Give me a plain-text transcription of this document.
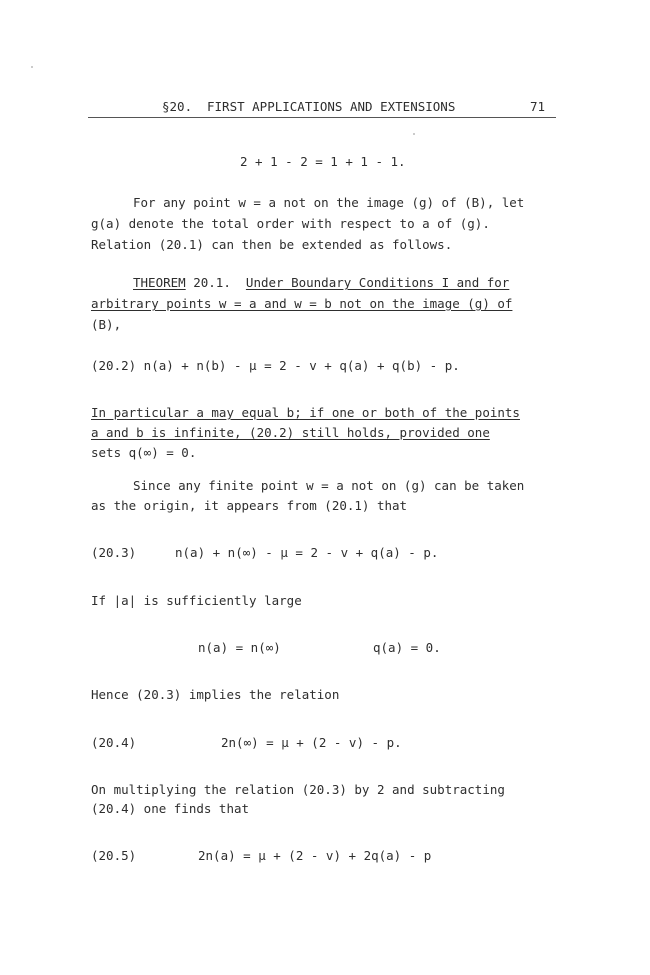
§20. FIRST APPLICATIONS AND EXTENSIONS	71
2 + 1 - 2 = 1 + 1 - 1.
For any point w = a not on the image (g) of (B), let
g(a) denote the total order with respect to a of (g).
Relation (20.1) can then be extended as follows.
THEOREM 20.1. Under Boundary Conditions I and for
arbitrary points w = a and w = b not on the image (g) of
(B),
(20.2) n(a) + n(b) - μ = 2 - v + q(a) + q(b) - p.
In particular a may equal b; if one or both of the points
a and b is infinite, (20.2) still holds, provided one
sets q(∞) = 0.
Since any finite point w = a not on (g) can be taken
as the origin, it appears from (20.1) that
(20.3)	n(a) + n(∞) - μ = 2 - v + q(a) - p.
If |a| is sufficiently large
n(a) = n(∞)	q(a) = 0.
Hence (20.3) implies the relation
(20.4)	2n(∞) = μ + (2 - v) - p.
On multiplying the relation (20.3) by 2 and subtracting
(20.4) one finds that
(20.5)	2n(a) = μ + (2 - v) + 2q(a) - p
